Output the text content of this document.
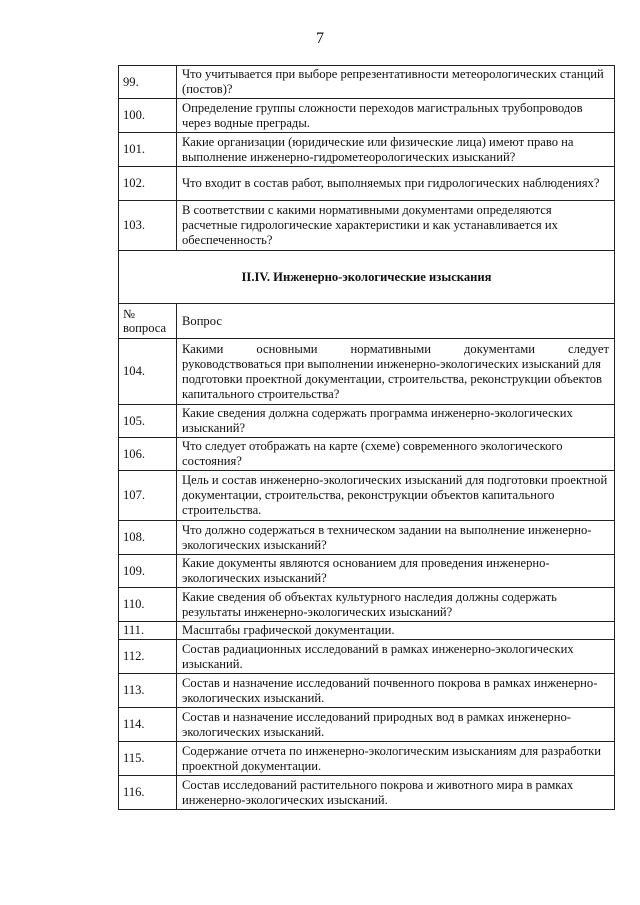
7
99.	Что учитывается при выборе репрезентативности метеорологических станций (постов)?
100.	Определение группы сложности переходов магистральных трубопроводов через водные преграды.
101.	Какие организации (юридические или физические лица) имеют право на выполнение инженерно-гидрометеорологических изысканий?
102.	Что входит в состав работ, выполняемых при гидрологических наблюдениях?
103.	В соответствии с какими нормативными документами определяются расчетные гидрологические характеристики и как устанавливается их обеспеченность?
II.IV. Инженерно-экологические изыскания	

№
вопроса	Вопрос
104.	Какими основными нормативными документами следует
руководствоваться при выполнении инженерно-экологических изысканий для подготовки проектной документации, строительства, реконструкции объектов капитального строительства?
105.	Какие сведения должна содержать программа инженерно-экологических изысканий?
106.	Что следует отображать на карте (схеме) современного экологического состояния?
107.	Цель и состав инженерно-экологических изысканий для подготовки проектной документации, строительства, реконструкции объектов капитального строительства.
108.	Что должно содержаться в техническом задании на выполнение инженерно-экологических изысканий?
109.	Какие документы являются основанием для проведения инженерно-экологических изысканий?
110.	Какие сведения об объектах культурного наследия должны содержать результаты инженерно-экологических изысканий?
111.	Масштабы графической документации.
112.	Состав радиационных исследований в рамках инженерно-экологических изысканий.
113.	Состав и назначение исследований почвенного покрова в рамках инженерно-экологических изысканий.
114.	Состав и назначение исследований природных вод в рамках инженерно-экологических изысканий.
115.	Содержание отчета по инженерно-экологическим изысканиям для разработки проектной документации.
116.	Состав исследований растительного покрова и животного мира в рамках инженерно-экологических изысканий.
